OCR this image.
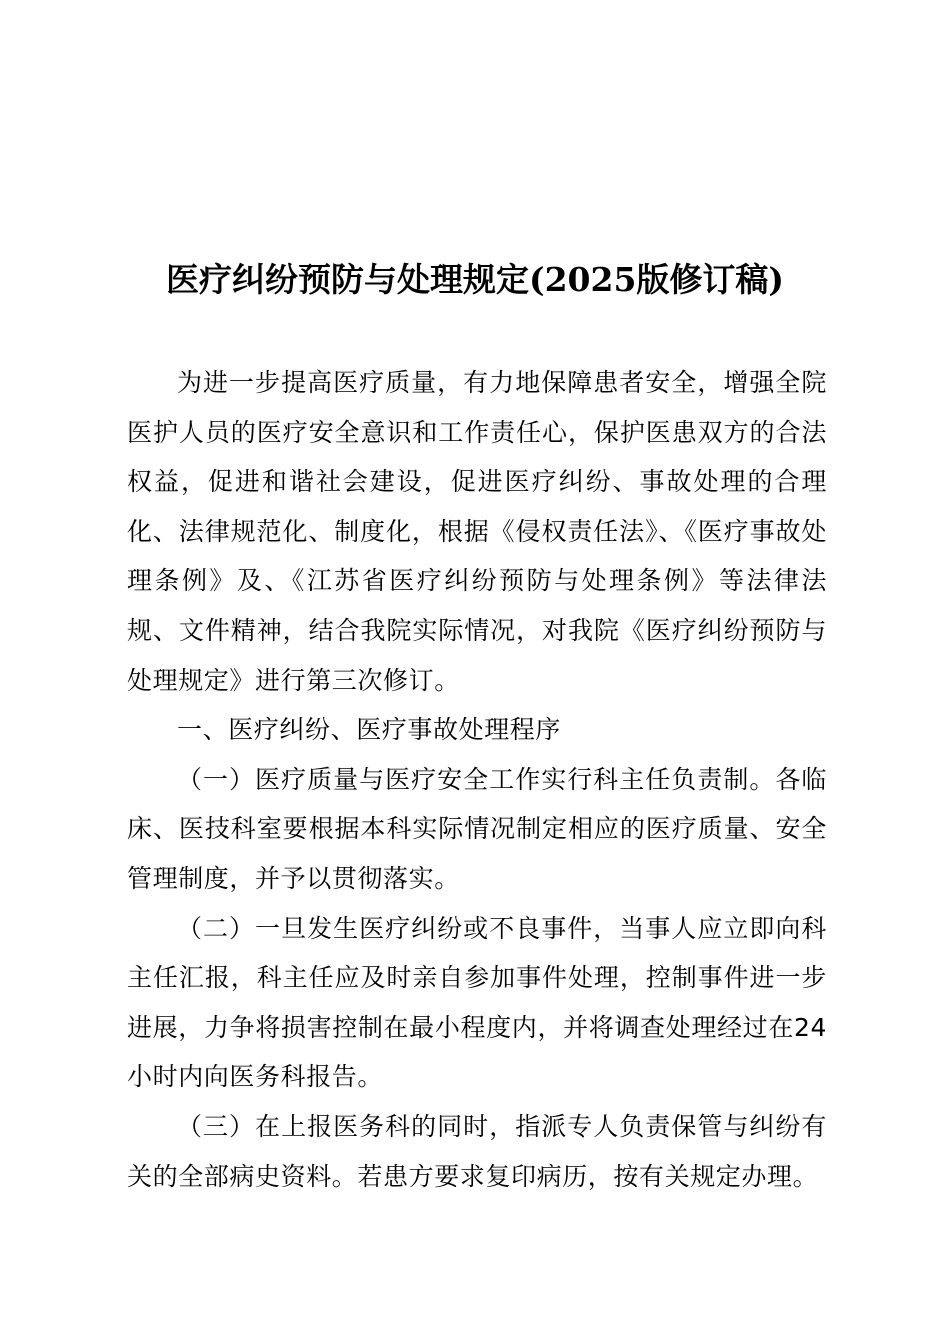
医疗纠纷预防与处理规定(2025版修订稿)

为进一步提高医疗质量，有力地保障患者安全，增强全院医护人员的医疗安全意识和工作责任心，保护医患双方的合法权益，促进和谐社会建设，促进医疗纠纷、事故处理的合理化、法律规范化、制度化，根据《侵权责任法》、《医疗事故处理条例》及、《江苏省医疗纠纷预防与处理条例》等法律法规、文件精神，结合我院实际情况，对我院《医疗纠纷预防与处理规定》进行第三次修订。

一、医疗纠纷、医疗事故处理程序

（一）医疗质量与医疗安全工作实行科主任负责制。各临床、医技科室要根据本科实际情况制定相应的医疗质量、安全管理制度，并予以贯彻落实。

（二）一旦发生医疗纠纷或不良事件，当事人应立即向科主任汇报，科主任应及时亲自参加事件处理，控制事件进一步进展，力争将损害控制在最小程度内，并将调查处理经过在24小时内向医务科报告。

（三）在上报医务科的同时，指派专人负责保管与纠纷有关的全部病史资料。若患方要求复印病历，按有关规定办理。
